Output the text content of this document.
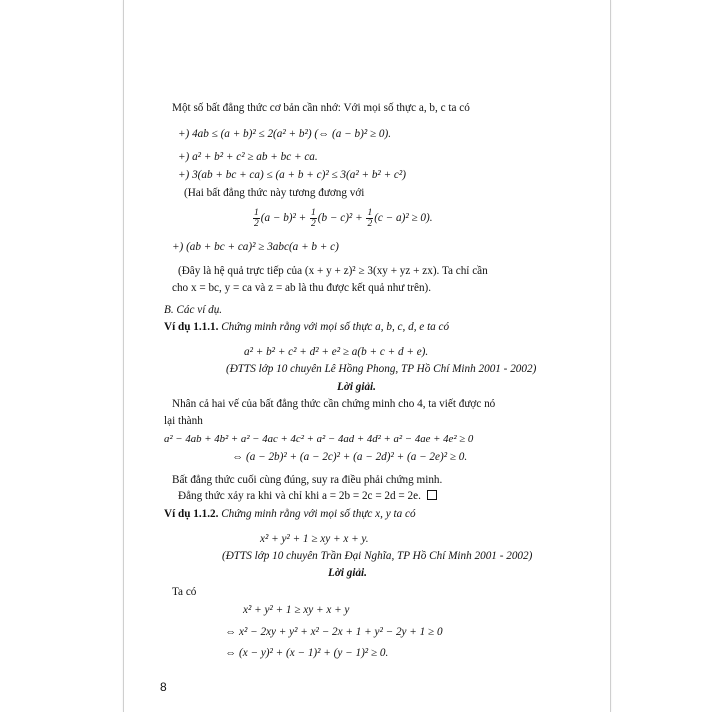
Một số bất đẳng thức cơ bản cần nhớ: Với mọi số thực a, b, c ta có
+) 4ab ≤ (a + b)² ≤ 2(a² + b²) (⇔ (a − b)² ≥ 0).
+) a² + b² + c² ≥ ab + bc + ca.
+) 3(ab + bc + ca) ≤ (a + b + c)² ≤ 3(a² + b² + c²)
(Hai bất đẳng thức này tương đương với
$\frac{1}{2} (a - b)^2 + \frac{1}{2} (b - c)^2 + \frac{1}{2} (c - a)^2 \ge 0$).
+) (ab + bc + ca)² ≥ 3abc(a + b + c)
(Đây là hệ quả trực tiếp của (x + y + z)² ≥ 3(xy + yz + zx). Ta chỉ cần
cho x = bc, y = ca và z = ab là thu được kết quả như trên).
B. Các ví dụ.
Ví dụ 1.1.1. Chứng minh rằng với mọi số thực a, b, c, d, e ta có
a² + b² + c² + d² + e² ≥ a(b + c + d + e).
(ĐTTS lớp 10 chuyên Lê Hồng Phong, TP Hồ Chí Minh 2001 - 2002)
Lời giải.
Nhân cả hai vế của bất đẳng thức cần chứng minh cho 4, ta viết được nó
lại thành
a² − 4ab + 4b² + a² − 4ac + 4c² + a² − 4ad + 4d² + a² − 4ae + 4e² ≥ 0
⇔ (a − 2b)² + (a − 2c)² + (a − 2d)² + (a − 2e)² ≥ 0.
Bất đẳng thức cuối cùng đúng, suy ra điều phải chứng minh.
Đẳng thức xảy ra khi và chỉ khi a = 2b = 2c = 2d = 2e.
Ví dụ 1.1.2. Chứng minh rằng với mọi số thực x, y ta có
x² + y² + 1 ≥ xy + x + y.
(ĐTTS lớp 10 chuyên Trần Đại Nghĩa, TP Hồ Chí Minh 2001 - 2002)
Lời giải.
Ta có
x² + y² + 1 ≥ xy + x + y
⇔ x² − 2xy + y² + x² − 2x + 1 + y² − 2y + 1 ≥ 0
⇔ (x − y)² + (x − 1)² + (y − 1)² ≥ 0.
8
